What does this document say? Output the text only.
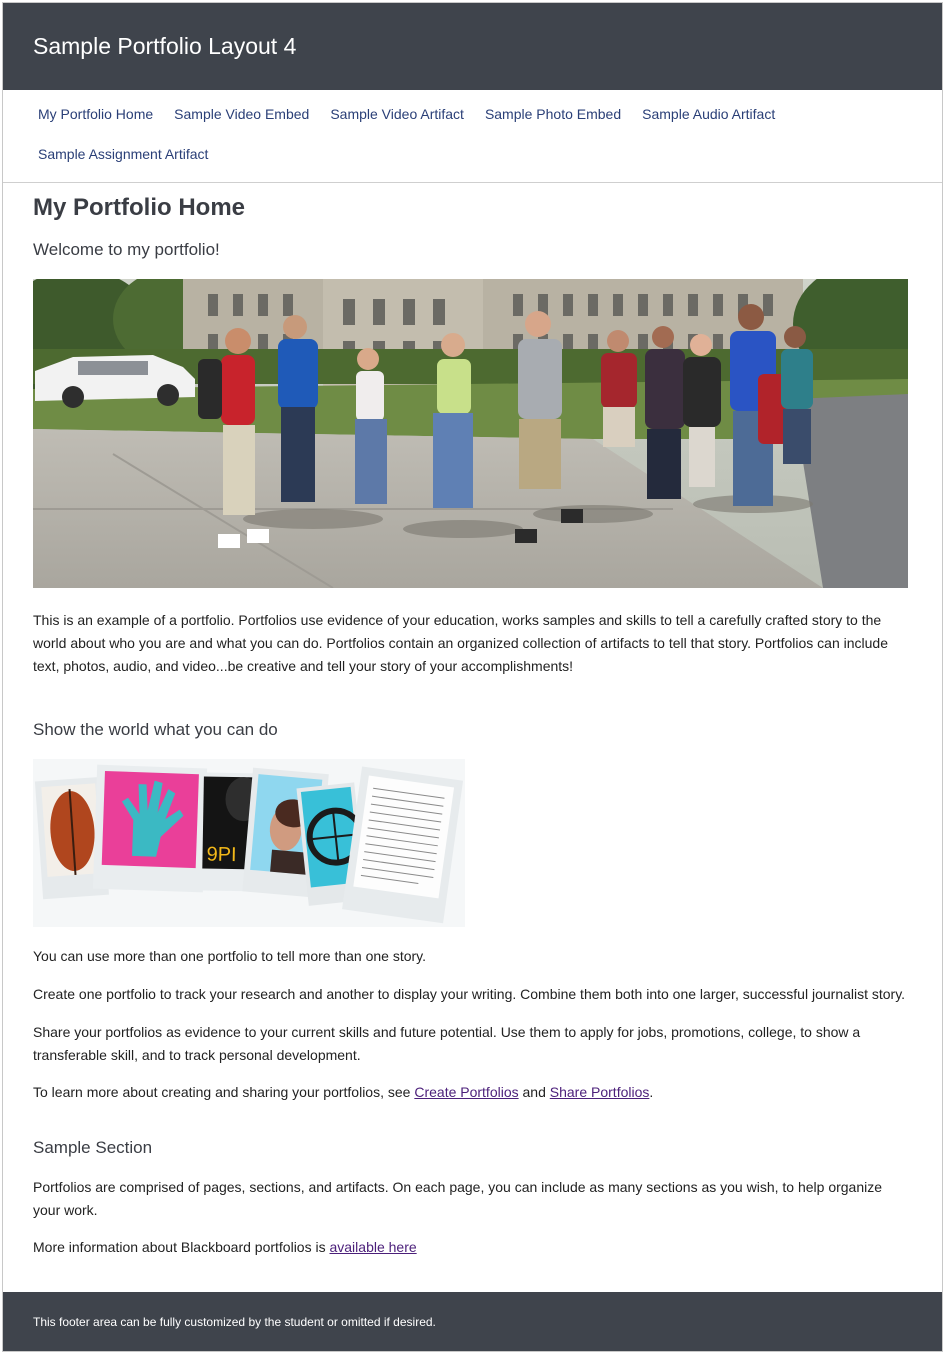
Sample Portfolio Layout 4
My Portfolio Home	Sample Video Embed	Sample Video Artifact	Sample Photo Embed	Sample Audio Artifact
Sample Assignment Artifact
My Portfolio Home
Welcome to my portfolio!

This is an example of a portfolio. Portfolios use evidence of your education, works samples and skills to tell a carefully crafted story to the world about who you are and what you can do. Portfolios contain an organized collection of artifacts to tell that story. Portfolios can include text, photos, audio, and video...be creative and tell your story of your accomplishments!

Show the world what you can do
9PI

You can use more than one portfolio to tell more than one story.

Create one portfolio to track your research and another to display your writing. Combine them both into one larger, successful journalist story.

Share your portfolios as evidence to your current skills and future potential. Use them to apply for jobs, promotions, college, to show a transferable skill, and to track personal development.

To learn more about creating and sharing your portfolios, see Create Portfolios and Share Portfolios.

Sample Section

Portfolios are comprised of pages, sections, and artifacts. On each page, you can include as many sections as you wish, to help organize your work.

More information about Blackboard portfolios is available here

This footer area can be fully customized by the student or omitted if desired.
